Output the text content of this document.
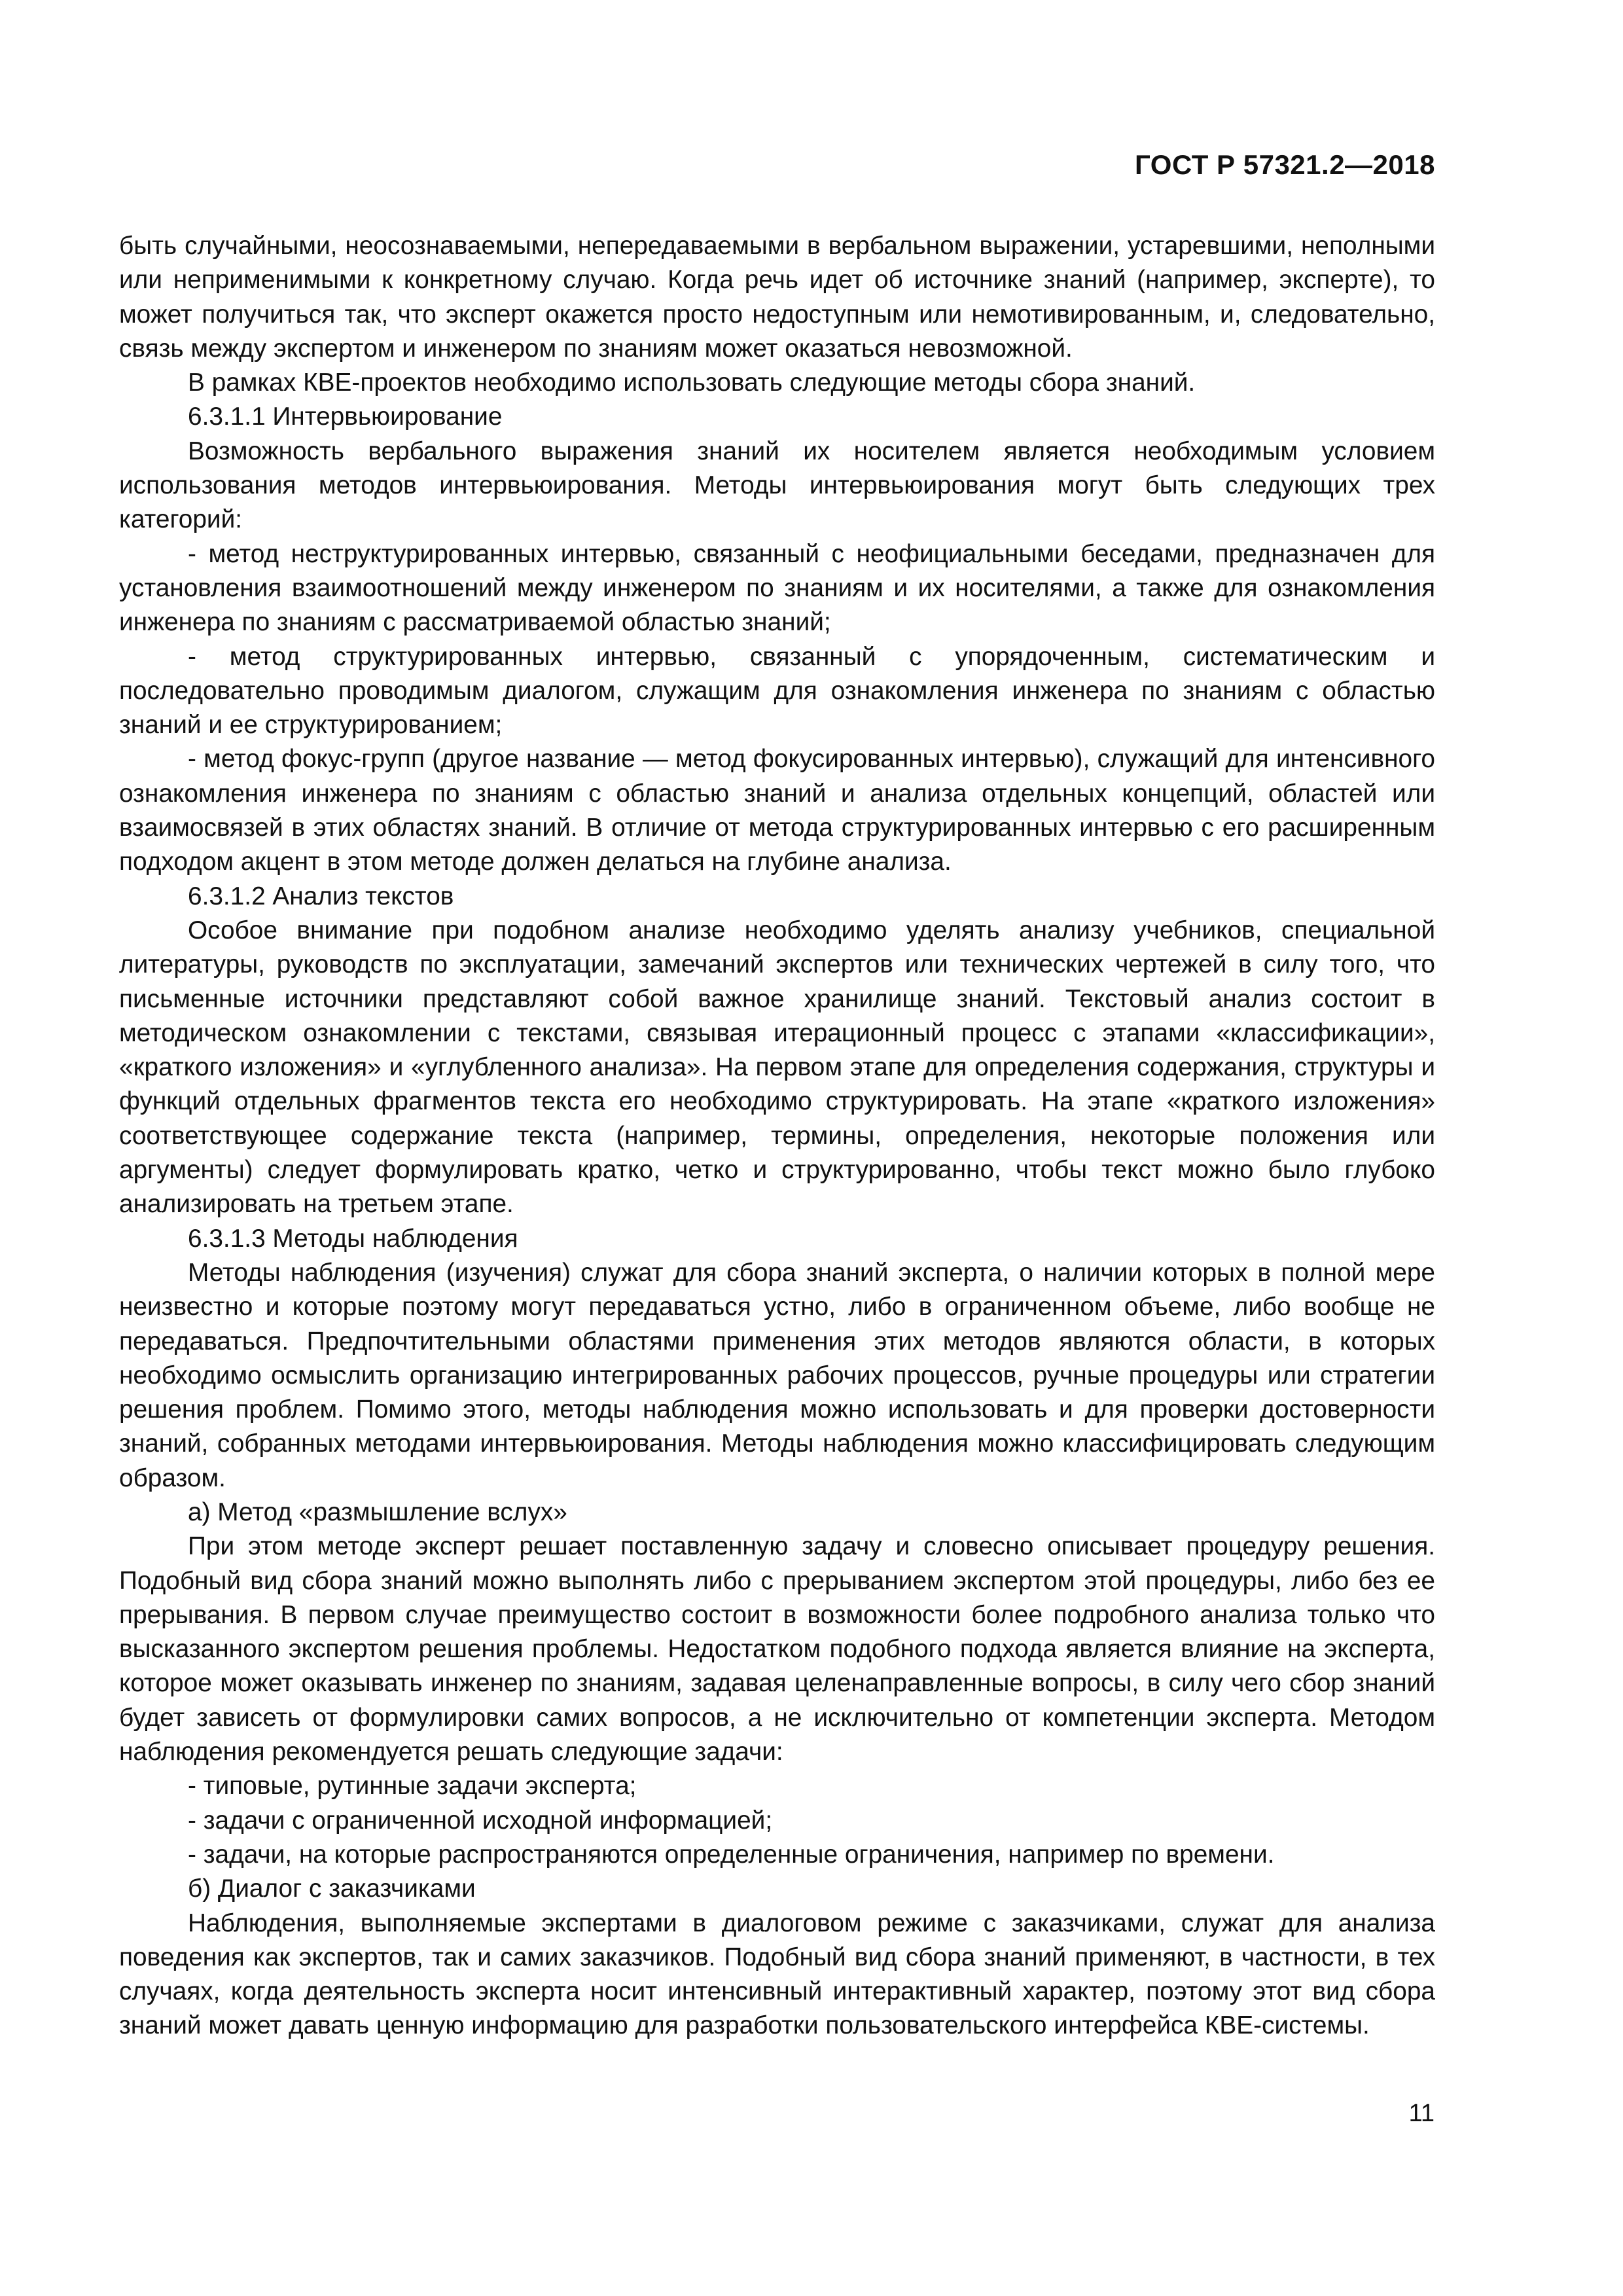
ГОСТ Р 57321.2—2018

быть случайными, неосознаваемыми, непередаваемыми в вербальном выражении, устаревшими, неполными или неприменимыми к конкретному случаю. Когда речь идет об источнике знаний (например, эксперте), то может получиться так, что эксперт окажется просто недоступным или немотивированным, и, следовательно, связь между экспертом и инженером по знаниям может оказаться невозможной.

В рамках КВЕ-проектов необходимо использовать следующие методы сбора знаний.

6.3.1.1 Интервьюирование

Возможность вербального выражения знаний их носителем является необходимым условием использования методов интервьюирования. Методы интервьюирования могут быть следующих трех категорий:

- метод неструктурированных интервью, связанный с неофициальными беседами, предназначен для установления взаимоотношений между инженером по знаниям и их носителями, а также для ознакомления инженера по знаниям с рассматриваемой областью знаний;

- метод структурированных интервью, связанный с упорядоченным, систематическим и последовательно проводимым диалогом, служащим для ознакомления инженера по знаниям с областью знаний и ее структурированием;

- метод фокус-групп (другое название — метод фокусированных интервью), служащий для интенсивного ознакомления инженера по знаниям с областью знаний и анализа отдельных концепций, областей или взаимосвязей в этих областях знаний. В отличие от метода структурированных интервью с его расширенным подходом акцент в этом методе должен делаться на глубине анализа.

6.3.1.2 Анализ текстов

Особое внимание при подобном анализе необходимо уделять анализу учебников, специальной литературы, руководств по эксплуатации, замечаний экспертов или технических чертежей в силу того, что письменные источники представляют собой важное хранилище знаний. Текстовый анализ состоит в методическом ознакомлении с текстами, связывая итерационный процесс с этапами «классификации», «краткого изложения» и «углубленного анализа». На первом этапе для определения содержания, структуры и функций отдельных фрагментов текста его необходимо структурировать. На этапе «краткого изложения» соответствующее содержание текста (например, термины, определения, некоторые положения или аргументы) следует формулировать кратко, четко и структурированно, чтобы текст можно было глубоко анализировать на третьем этапе.

6.3.1.3 Методы наблюдения

Методы наблюдения (изучения) служат для сбора знаний эксперта, о наличии которых в полной мере неизвестно и которые поэтому могут передаваться устно, либо в ограниченном объеме, либо вообще не передаваться. Предпочтительными областями применения этих методов являются области, в которых необходимо осмыслить организацию интегрированных рабочих процессов, ручные процедуры или стратегии решения проблем. Помимо этого, методы наблюдения можно использовать и для проверки достоверности знаний, собранных методами интервьюирования. Методы наблюдения можно классифицировать следующим образом.

а) Метод «размышление вслух»

При этом методе эксперт решает поставленную задачу и словесно описывает процедуру решения. Подобный вид сбора знаний можно выполнять либо с прерыванием экспертом этой процедуры, либо без ее прерывания. В первом случае преимущество состоит в возможности более подробного анализа только что высказанного экспертом решения проблемы. Недостатком подобного подхода является влияние на эксперта, которое может оказывать инженер по знаниям, задавая целенаправленные вопросы, в силу чего сбор знаний будет зависеть от формулировки самих вопросов, а не исключительно от компетенции эксперта. Методом наблюдения рекомендуется решать следующие задачи:

- типовые, рутинные задачи эксперта;

- задачи с ограниченной исходной информацией;

- задачи, на которые распространяются определенные ограничения, например по времени.

б) Диалог с заказчиками

Наблюдения, выполняемые экспертами в диалоговом режиме с заказчиками, служат для анализа поведения как экспертов, так и самих заказчиков. Подобный вид сбора знаний применяют, в частности, в тех случаях, когда деятельность эксперта носит интенсивный интерактивный характер, поэтому этот вид сбора знаний может давать ценную информацию для разработки пользовательского интерфейса КВЕ-системы.

11
